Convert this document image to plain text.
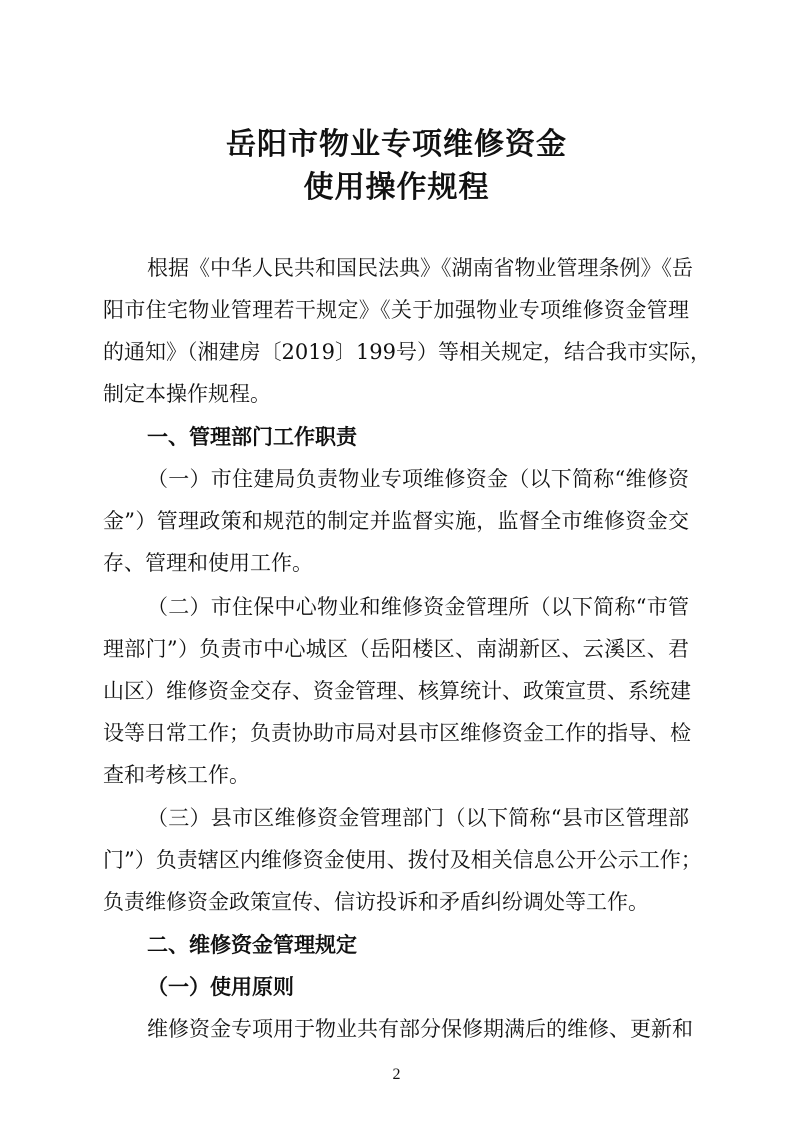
岳阳市物业专项维修资金
使用操作规程
根据《中华人民共和国民法典》《湖南省物业管理条例》《岳
阳市住宅物业管理若干规定》《关于加强物业专项维修资金管理
的通知》（湘建房〔2019〕199号）等相关规定，结合我市实际，
制定本操作规程。
一、管理部门工作职责
（一）市住建局负责物业专项维修资金（以下简称“维修资
金”）管理政策和规范的制定并监督实施，监督全市维修资金交
存、管理和使用工作。
（二）市住保中心物业和维修资金管理所（以下简称“市管
理部门”）负责市中心城区（岳阳楼区、南湖新区、云溪区、君
山区）维修资金交存、资金管理、核算统计、政策宣贯、系统建
设等日常工作；负责协助市局对县市区维修资金工作的指导、检
查和考核工作。
（三）县市区维修资金管理部门（以下简称“县市区管理部
门”）负责辖区内维修资金使用、拨付及相关信息公开公示工作；
负责维修资金政策宣传、信访投诉和矛盾纠纷调处等工作。
二、维修资金管理规定
（一）使用原则
维修资金专项用于物业共有部分保修期满后的维修、更新和
2
